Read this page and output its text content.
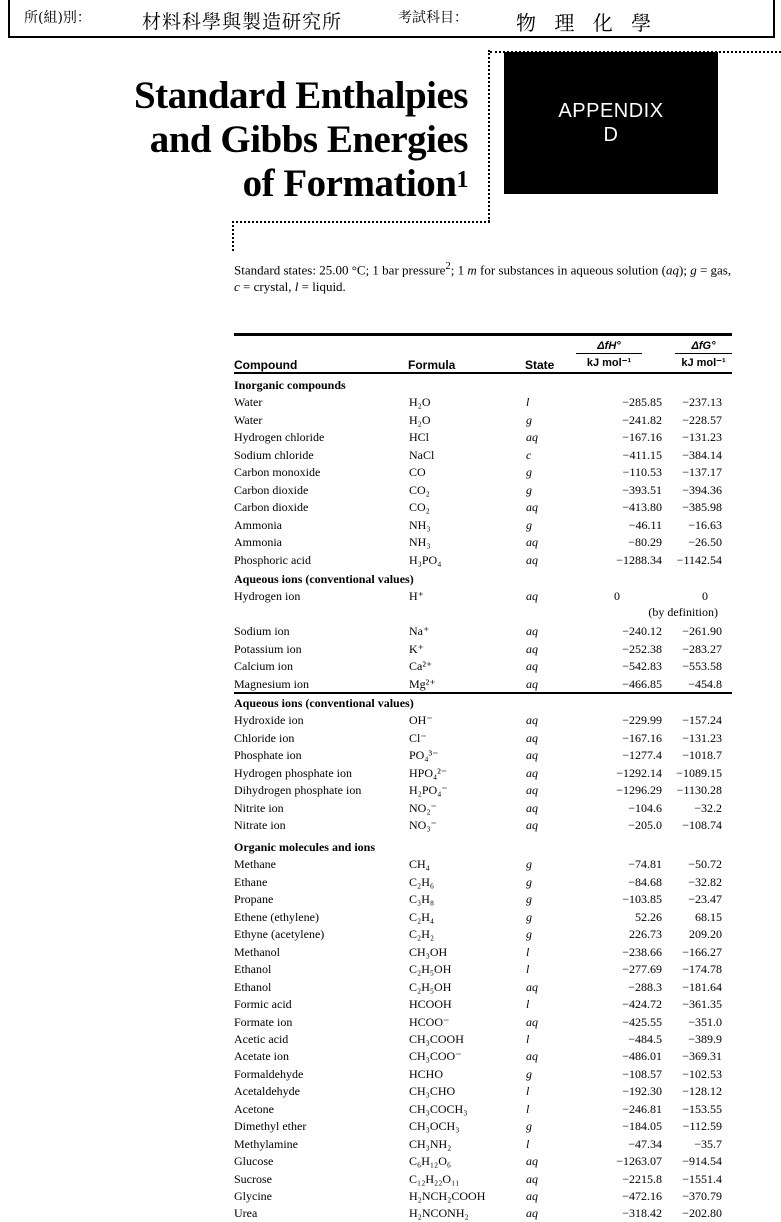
所(組)別：	材料科學與製造研究所	考試科目： 物 理 化 學
Standard Enthalpies
and Gibbs Energies
of Formation$^1$
APPENDIX
D
Standard states: 25.00 °C; 1 bar pressure$^2$; 1 m for substances in aqueous solution (aq); g = gas, c = crystal, l = liquid.
Compound	Formula	State
ΔfH°
kJ mol⁻¹
ΔfG°
kJ mol⁻¹
Inorganic compounds
Water	H₂O	l	−285.85 −237.13
Water	H₂O	g	−241.82 −228.57
Hydrogen chloride	HCl	aq	−167.16 −131.23
Sodium chloride	NaCl	c	−411.15 −384.14
Carbon monoxide	CO	g	−110.53 −137.17
Carbon dioxide	CO₂	g	−393.51 −394.36
Carbon dioxide	CO₂	aq	−413.80 −385.98
Ammonia	NH₃	g	−46.11 −16.63
Ammonia	NH₃	aq	−80.29 −26.50
Phosphoric acid	H₃PO₄	aq	−1288.34 −1142.54
Aqueous ions (conventional values)
Hydrogen ion	H⁺	aq	0	0
(by definition)
Sodium ion	Na⁺	aq	−240.12 −261.90
Potassium ion	K⁺	aq	−252.38 −283.27
Calcium ion	Ca²⁺	aq	−542.83 −553.58
Magnesium ion	Mg²⁺	aq	−466.85 −454.8
Aqueous ions (conventional values)
Hydroxide ion	OH⁻	aq	−229.99 −157.24
Chloride ion	Cl⁻	aq	−167.16 −131.23
Phosphate ion	PO₄³⁻	aq	−1277.4 −1018.7
Hydrogen phosphate ion	HPO₄²⁻	aq	−1292.14 −1089.15
Dihydrogen phosphate ion	H₂PO₄⁻	aq	−1296.29 −1130.28
Nitrite ion	NO₂⁻	aq	−104.6	−32.2
Nitrate ion	NO₃⁻	aq	−205.0 −108.74
Organic molecules and ions
Methane	CH₄	g	−74.81 −50.72
Ethane	C₂H₆	g	−84.68 −32.82
Propane	C₃H₈	g	−103.85 −23.47
Ethene (ethylene)	C₂H₄	g	52.26	68.15
Ethyne (acetylene)	C₂H₂	g	226.73 209.20
Methanol	CH₃OH	l	−238.66 −166.27
Ethanol	C₂H₅OH	l	−277.69 −174.78
Ethanol	C₂H₅OH	aq	−288.3 −181.64
Formic acid	HCOOH	l	−424.72 −361.35
Formate ion	HCOO⁻	aq	−425.55 −351.0
Acetic acid	CH₃COOH	l	−484.5 −389.9
Acetate ion	CH₃COO⁻	aq	−486.01 −369.31
Formaldehyde	HCHO	g	−108.57 −102.53
Acetaldehyde	CH₃CHO	l	−192.30 −128.12
Acetone	CH₃COCH₃	l	−246.81 −153.55
Dimethyl ether	CH₃OCH₃	g	−184.05 −112.59
Methylamine	CH₃NH₂	l	−47.34	−35.7
Glucose	C₆H₁₂O₆	aq	−1263.07 −914.54
Sucrose	C₁₂H₂₂O₁₁	aq	−2215.8 −1551.4
Glycine	H₂NCH₂COOH	aq	−472.16 −370.79
Urea	H₂NCONH₂	aq	−318.42 −202.80
